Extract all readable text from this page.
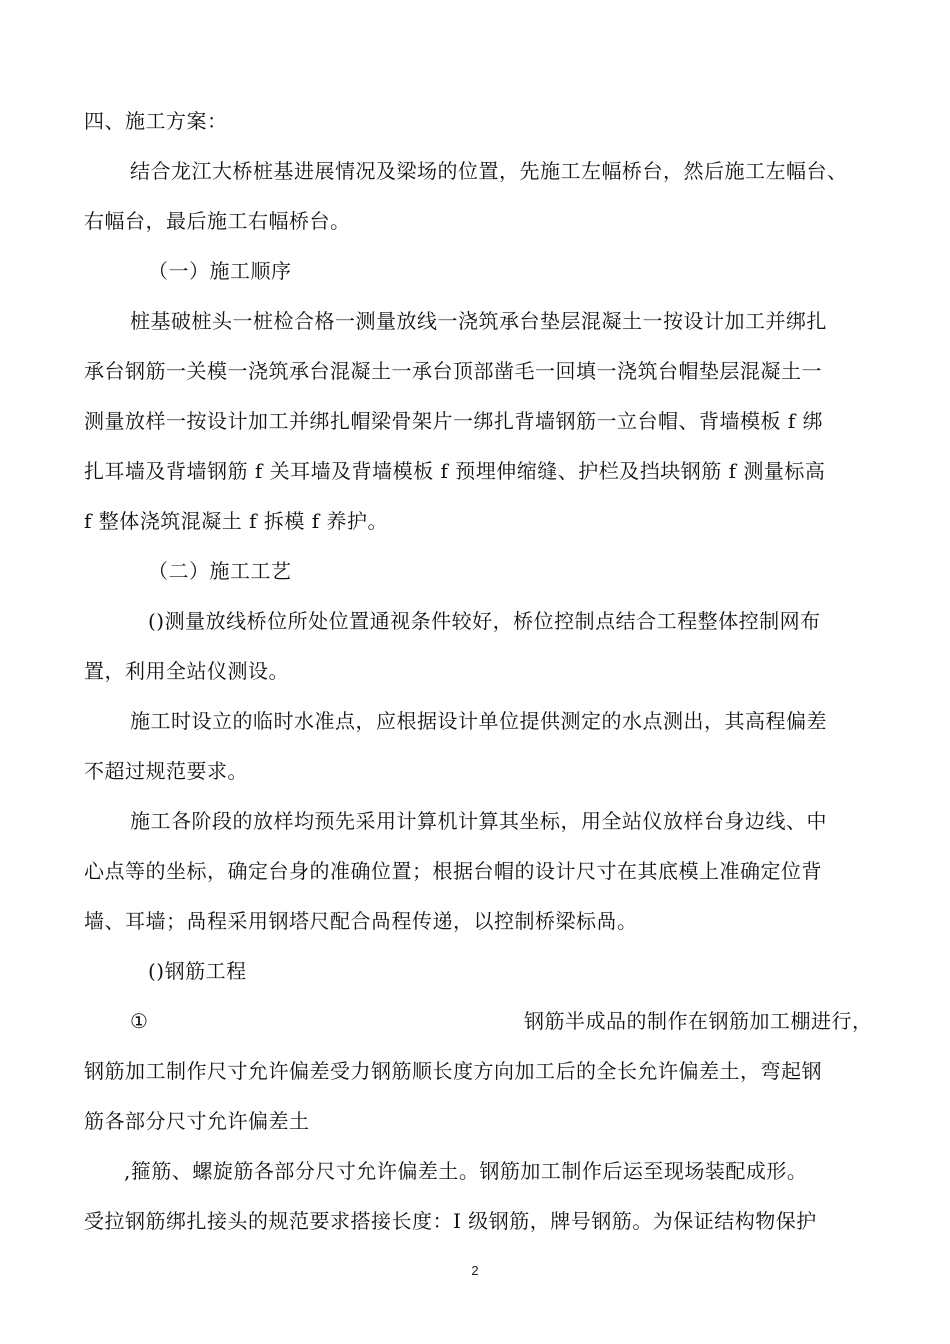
四、施工方案：
结合龙江大桥桩基进展情况及梁场的位置，先施工左幅桥台，然后施工左幅台、
右幅台，最后施工右幅桥台。
（一）施工顺序
桩基破桩头一桩检合格一测量放线一浇筑承台垫层混凝土一按设计加工并绑扎
承台钢筋一关模一浇筑承台混凝土一承台顶部凿毛一回填一浇筑台帽垫层混凝土一
测量放样一按设计加工并绑扎帽梁骨架片一绑扎背墙钢筋一立台帽、背墙模板 f 绑
扎耳墙及背墙钢筋 f 关耳墙及背墙模板 f 预埋伸缩缝、护栏及挡块钢筋 f 测量标高
f 整体浇筑混凝土 f 拆模 f 养护。
（二）施工工艺
()测量放线桥位所处位置通视条件较好，桥位控制点结合工程整体控制网布
置，利用全站仪测设。
施工时设立的临时水准点，应根据设计单位提供测定的水点测出，其高程偏差
不超过规范要求。
施工各阶段的放样均预先采用计算机计算其坐标，用全站仪放样台身边线、中
心点等的坐标，确定台身的准确位置；根据台帽的设计尺寸在其底模上准确定位背
墙、耳墙；咼程采用钢塔尺配合咼程传递，以控制桥梁标咼。
()钢筋工程
①	钢筋半成品的制作在钢筋加工棚进行，
钢筋加工制作尺寸允许偏差受力钢筋顺长度方向加工后的全长允许偏差土，弯起钢
筋各部分尺寸允许偏差土
,箍筋、螺旋筋各部分尺寸允许偏差土。钢筋加工制作后运至现场装配成形。
受拉钢筋绑扎接头的规范要求搭接长度：I 级钢筋，牌号钢筋。为保证结构物保护
2
